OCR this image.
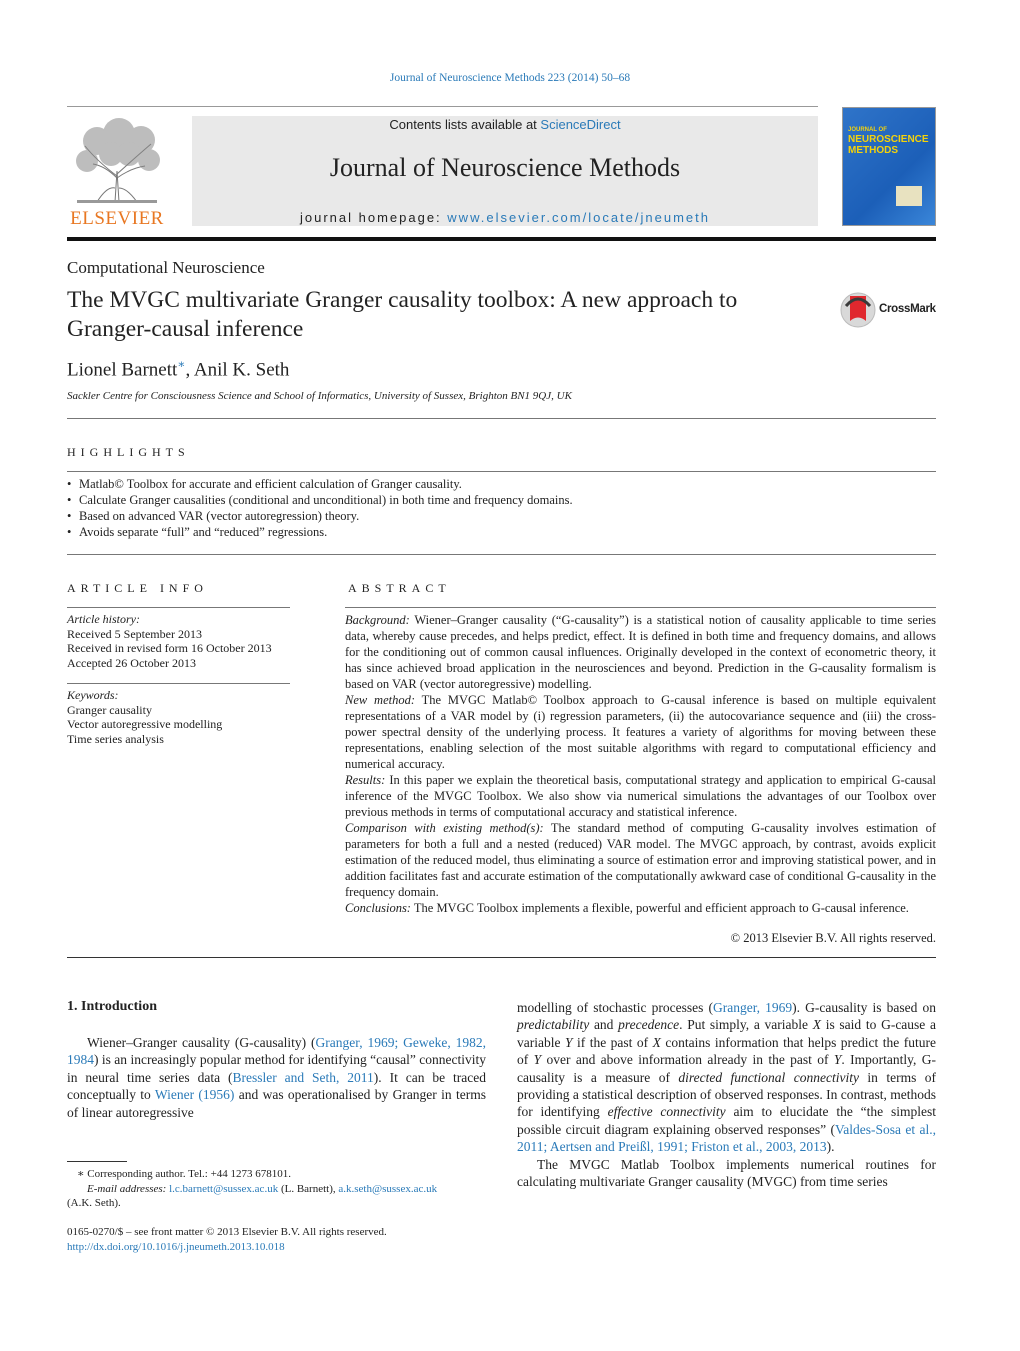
Journal of Neuroscience Methods 223 (2014) 50–68
ELSEVIER
Contents lists available at ScienceDirect
Journal of Neuroscience Methods
journal homepage: www.elsevier.com/locate/jneumeth
JOURNAL OF
NEUROSCIENCE
METHODS
Computational Neuroscience
The MVGC multivariate Granger causality toolbox: A new approach to
Granger-causal inference
CrossMark
Lionel Barnett∗, Anil K. Seth
Sackler Centre for Consciousness Science and School of Informatics, University of Sussex, Brighton BN1 9QJ, UK
HIGHLIGHTS
• Matlab© Toolbox for accurate and efficient calculation of Granger causality.
• Calculate Granger causalities (conditional and unconditional) in both time and frequency domains.
• Based on advanced VAR (vector autoregression) theory.
• Avoids separate “full” and “reduced” regressions.
ARTICLE INFO
Article history:
Received 5 September 2013
Received in revised form 16 October 2013
Accepted 26 October 2013
Keywords:
Granger causality
Vector autoregressive modelling
Time series analysis
ABSTRACT

Background: Wiener–Granger causality (“G-causality”) is a statistical notion of causality applicable to time series data, whereby cause precedes, and helps predict, effect. It is defined in both time and frequency domains, and allows for the conditioning out of common causal influences. Originally developed in the context of econometric theory, it has since achieved broad application in the neurosciences and beyond. Prediction in the G-causality formalism is based on VAR (vector autoregressive) modelling.

New method: The MVGC Matlab© Toolbox approach to G-causal inference is based on multiple equivalent representations of a VAR model by (i) regression parameters, (ii) the autocovariance sequence and (iii) the cross-power spectral density of the underlying process. It features a variety of algorithms for moving between these representations, enabling selection of the most suitable algorithms with regard to computational efficiency and numerical accuracy.

Results: In this paper we explain the theoretical basis, computational strategy and application to empirical G-causal inference of the MVGC Toolbox. We also show via numerical simulations the advantages of our Toolbox over previous methods in terms of computational accuracy and statistical inference.

Comparison with existing method(s): The standard method of computing G-causality involves estimation of parameters for both a full and a nested (reduced) VAR model. The MVGC approach, by contrast, avoids explicit estimation of the reduced model, thus eliminating a source of estimation error and improving statistical power, and in addition facilitates fast and accurate estimation of the computationally awkward case of conditional G-causality in the frequency domain.

Conclusions: The MVGC Toolbox implements a flexible, powerful and efficient approach to G-causal inference.

© 2013 Elsevier B.V. All rights reserved.
1. Introduction

Wiener–Granger causality (G-causality) (Granger, 1969; Geweke, 1982, 1984) is an increasingly popular method for identifying “causal” connectivity in neural time series data (Bressler and Seth, 2011). It can be traced conceptually to Wiener (1956) and was operationalised by Granger in terms of linear autoregressive

modelling of stochastic processes (Granger, 1969). G-causality is based on predictability and precedence. Put simply, a variable X is said to G-cause a variable Y if the past of X contains information that helps predict the future of Y over and above information already in the past of Y. Importantly, G-causality is a measure of directed functional connectivity in terms of providing a statistical description of observed responses. In contrast, methods for identifying effective connectivity aim to elucidate the “the simplest possible circuit diagram explaining observed responses” (Valdes-Sosa et al., 2011; Aertsen and Preißl, 1991; Friston et al., 2003, 2013).

The MVGC Matlab Toolbox implements numerical routines for calculating multivariate Granger causality (MVGC) from time series

∗ Corresponding author. Tel.: +44 1273 678101.
E-mail addresses: l.c.barnett@sussex.ac.uk (L. Barnett), a.k.seth@sussex.ac.uk
(A.K. Seth).
0165-0270/$ – see front matter © 2013 Elsevier B.V. All rights reserved.
http://dx.doi.org/10.1016/j.jneumeth.2013.10.018
